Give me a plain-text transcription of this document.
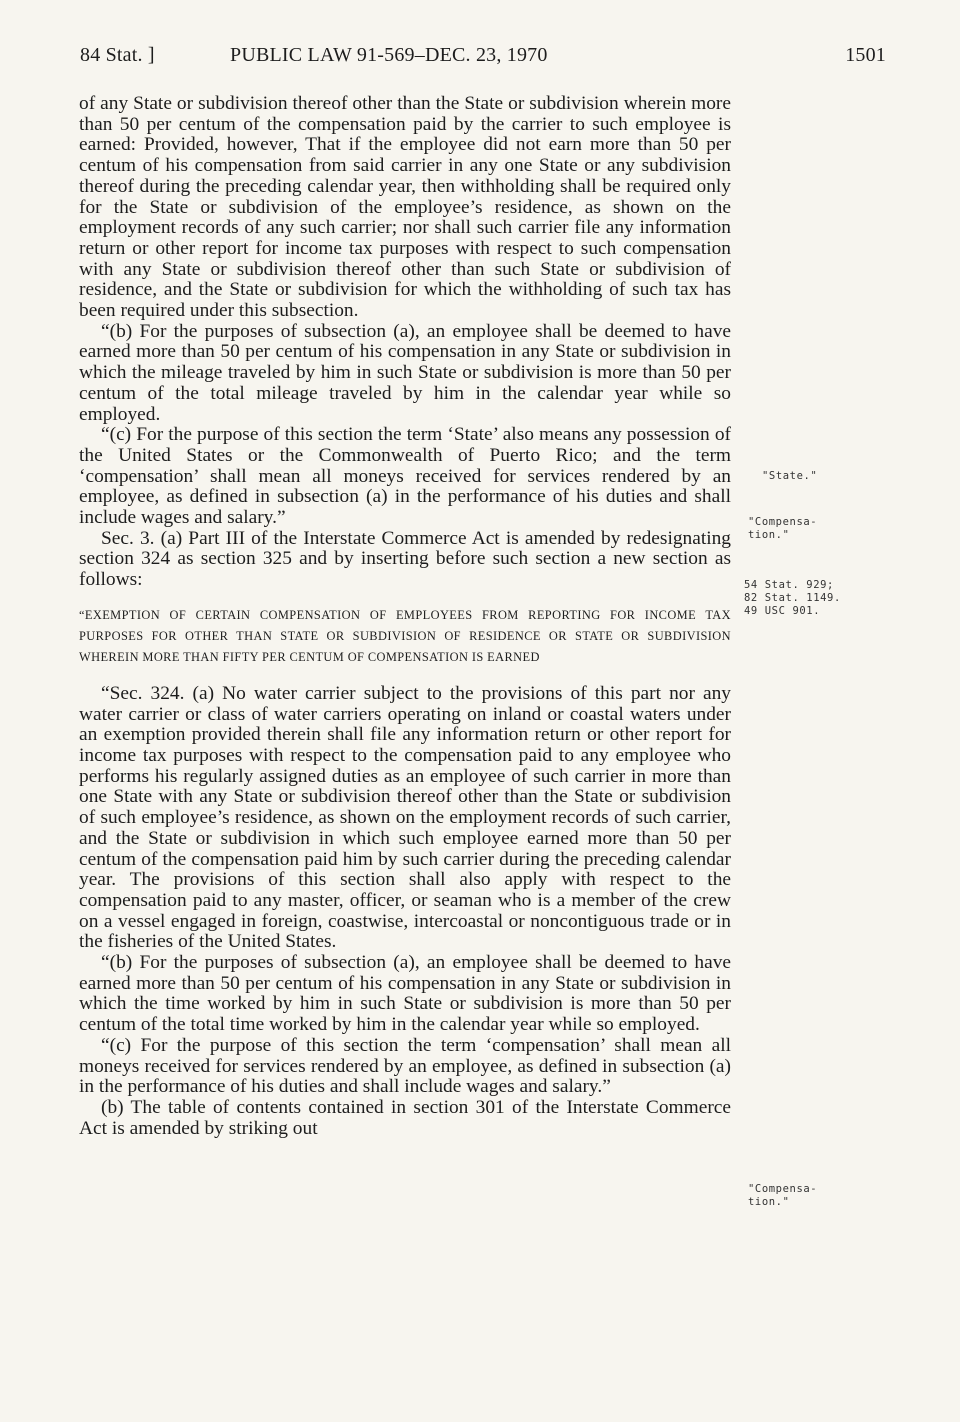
84 Stat. ]	PUBLIC LAW 91-569–DEC. 23, 1970	1501

of any State or subdivision thereof other than the State or subdivision wherein more than 50 per centum of the compensation paid by the carrier to such employee is earned: Provided, however, That if the employee did not earn more than 50 per centum of his compensation from said carrier in any one State or any subdivision thereof during the preceding calendar year, then withholding shall be required only for the State or subdivision of the employee’s residence, as shown on the employment records of any such carrier; nor shall such carrier file any information return or other report for income tax purposes with respect to such compensation with any State or subdivision thereof other than such State or subdivision of residence, and the State or subdivision for which the withholding of such tax has been required under this subsection.

“(b) For the purposes of subsection (a), an employee shall be deemed to have earned more than 50 per centum of his compensation in any State or subdivision in which the mileage traveled by him in such State or subdivision is more than 50 per centum of the total mileage traveled by him in the calendar year while so employed.

“(c) For the purpose of this section the term ‘State’ also means any possession of the United States or the Commonwealth of Puerto Rico; and the term ‘compensation’ shall mean all moneys received for services rendered by an employee, as defined in subsection (a) in the performance of his duties and shall include wages and salary.”

Sec. 3. (a) Part III of the Interstate Commerce Act is amended by redesignating section 324 as section 325 and by inserting before such section a new section as follows:

“EXEMPTION OF CERTAIN COMPENSATION OF EMPLOYEES FROM REPORTING FOR INCOME TAX PURPOSES FOR OTHER THAN STATE OR SUBDIVISION OF RESIDENCE OR STATE OR SUBDIVISION WHEREIN MORE THAN FIFTY PER CENTUM OF COMPENSATION IS EARNED

“Sec. 324. (a) No water carrier subject to the provisions of this part nor any water carrier or class of water carriers operating on inland or coastal waters under an exemption provided therein shall file any information return or other report for income tax purposes with respect to the compensation paid to any employee who performs his regularly assigned duties as an employee of such carrier in more than one State with any State or subdivision thereof other than the State or subdivision of such employee’s residence, as shown on the employment records of such carrier, and the State or subdivision in which such employee earned more than 50 per centum of the compensation paid him by such carrier during the preceding calendar year. The provisions of this section shall also apply with respect to the compensation paid to any master, officer, or seaman who is a member of the crew on a vessel engaged in foreign, coastwise, intercoastal or noncontiguous trade or in the fisheries of the United States.

“(b) For the purposes of subsection (a), an employee shall be deemed to have earned more than 50 per centum of his compensation in any State or subdivision in which the time worked by him in such State or subdivision is more than 50 per centum of the total time worked by him in the calendar year while so employed.

“(c) For the purpose of this section the term ‘compensation’ shall mean all moneys received for services rendered by an employee, as defined in subsection (a) in the performance of his duties and shall include wages and salary.”

(b) The table of contents contained in section 301 of the Interstate Commerce Act is amended by striking out

"State."
"Compensa-
tion."
54 Stat. 929;
82 Stat. 1149.
49 USC 901.
"Compensa-
tion."
